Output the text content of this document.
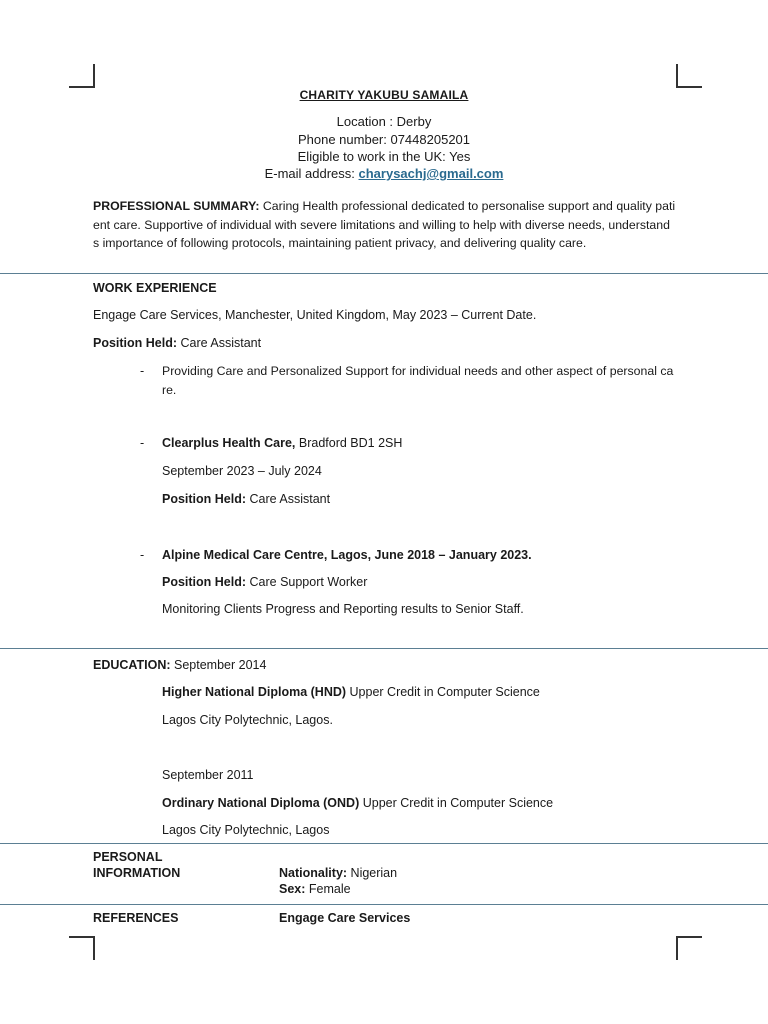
CHARITY YAKUBU SAMAILA
Location : Derby
Phone number: 07448205201
Eligible to work in the UK: Yes
E-mail address: charysachj@gmail.com
PROFESSIONAL SUMMARY: Caring Health professional dedicated to personalise support and quality patient care. Supportive of individual with severe limitations and willing to help with diverse needs, understands importance of following protocols, maintaining patient privacy, and delivering quality care.
WORK EXPERIENCE
Engage Care Services, Manchester, United Kingdom, May 2023 – Current Date.
Position Held: Care Assistant
- Providing Care and Personalized Support for individual needs and other aspect of personal care.
- Clearplus Health Care, Bradford BD1 2SH
September 2023 – July 2024
Position Held: Care Assistant
- Alpine Medical Care Centre, Lagos, June 2018 – January 2023.
Position Held: Care Support Worker
Monitoring Clients Progress and Reporting results to Senior Staff.
EDUCATION: September 2014
Higher National Diploma (HND) Upper Credit in Computer Science
Lagos City Polytechnic, Lagos.
September 2011
Ordinary National Diploma (OND) Upper Credit in Computer Science
Lagos City Polytechnic, Lagos
PERSONAL
INFORMATION	Nationality: Nigerian
Sex: Female
REFERENCES	Engage Care Services
